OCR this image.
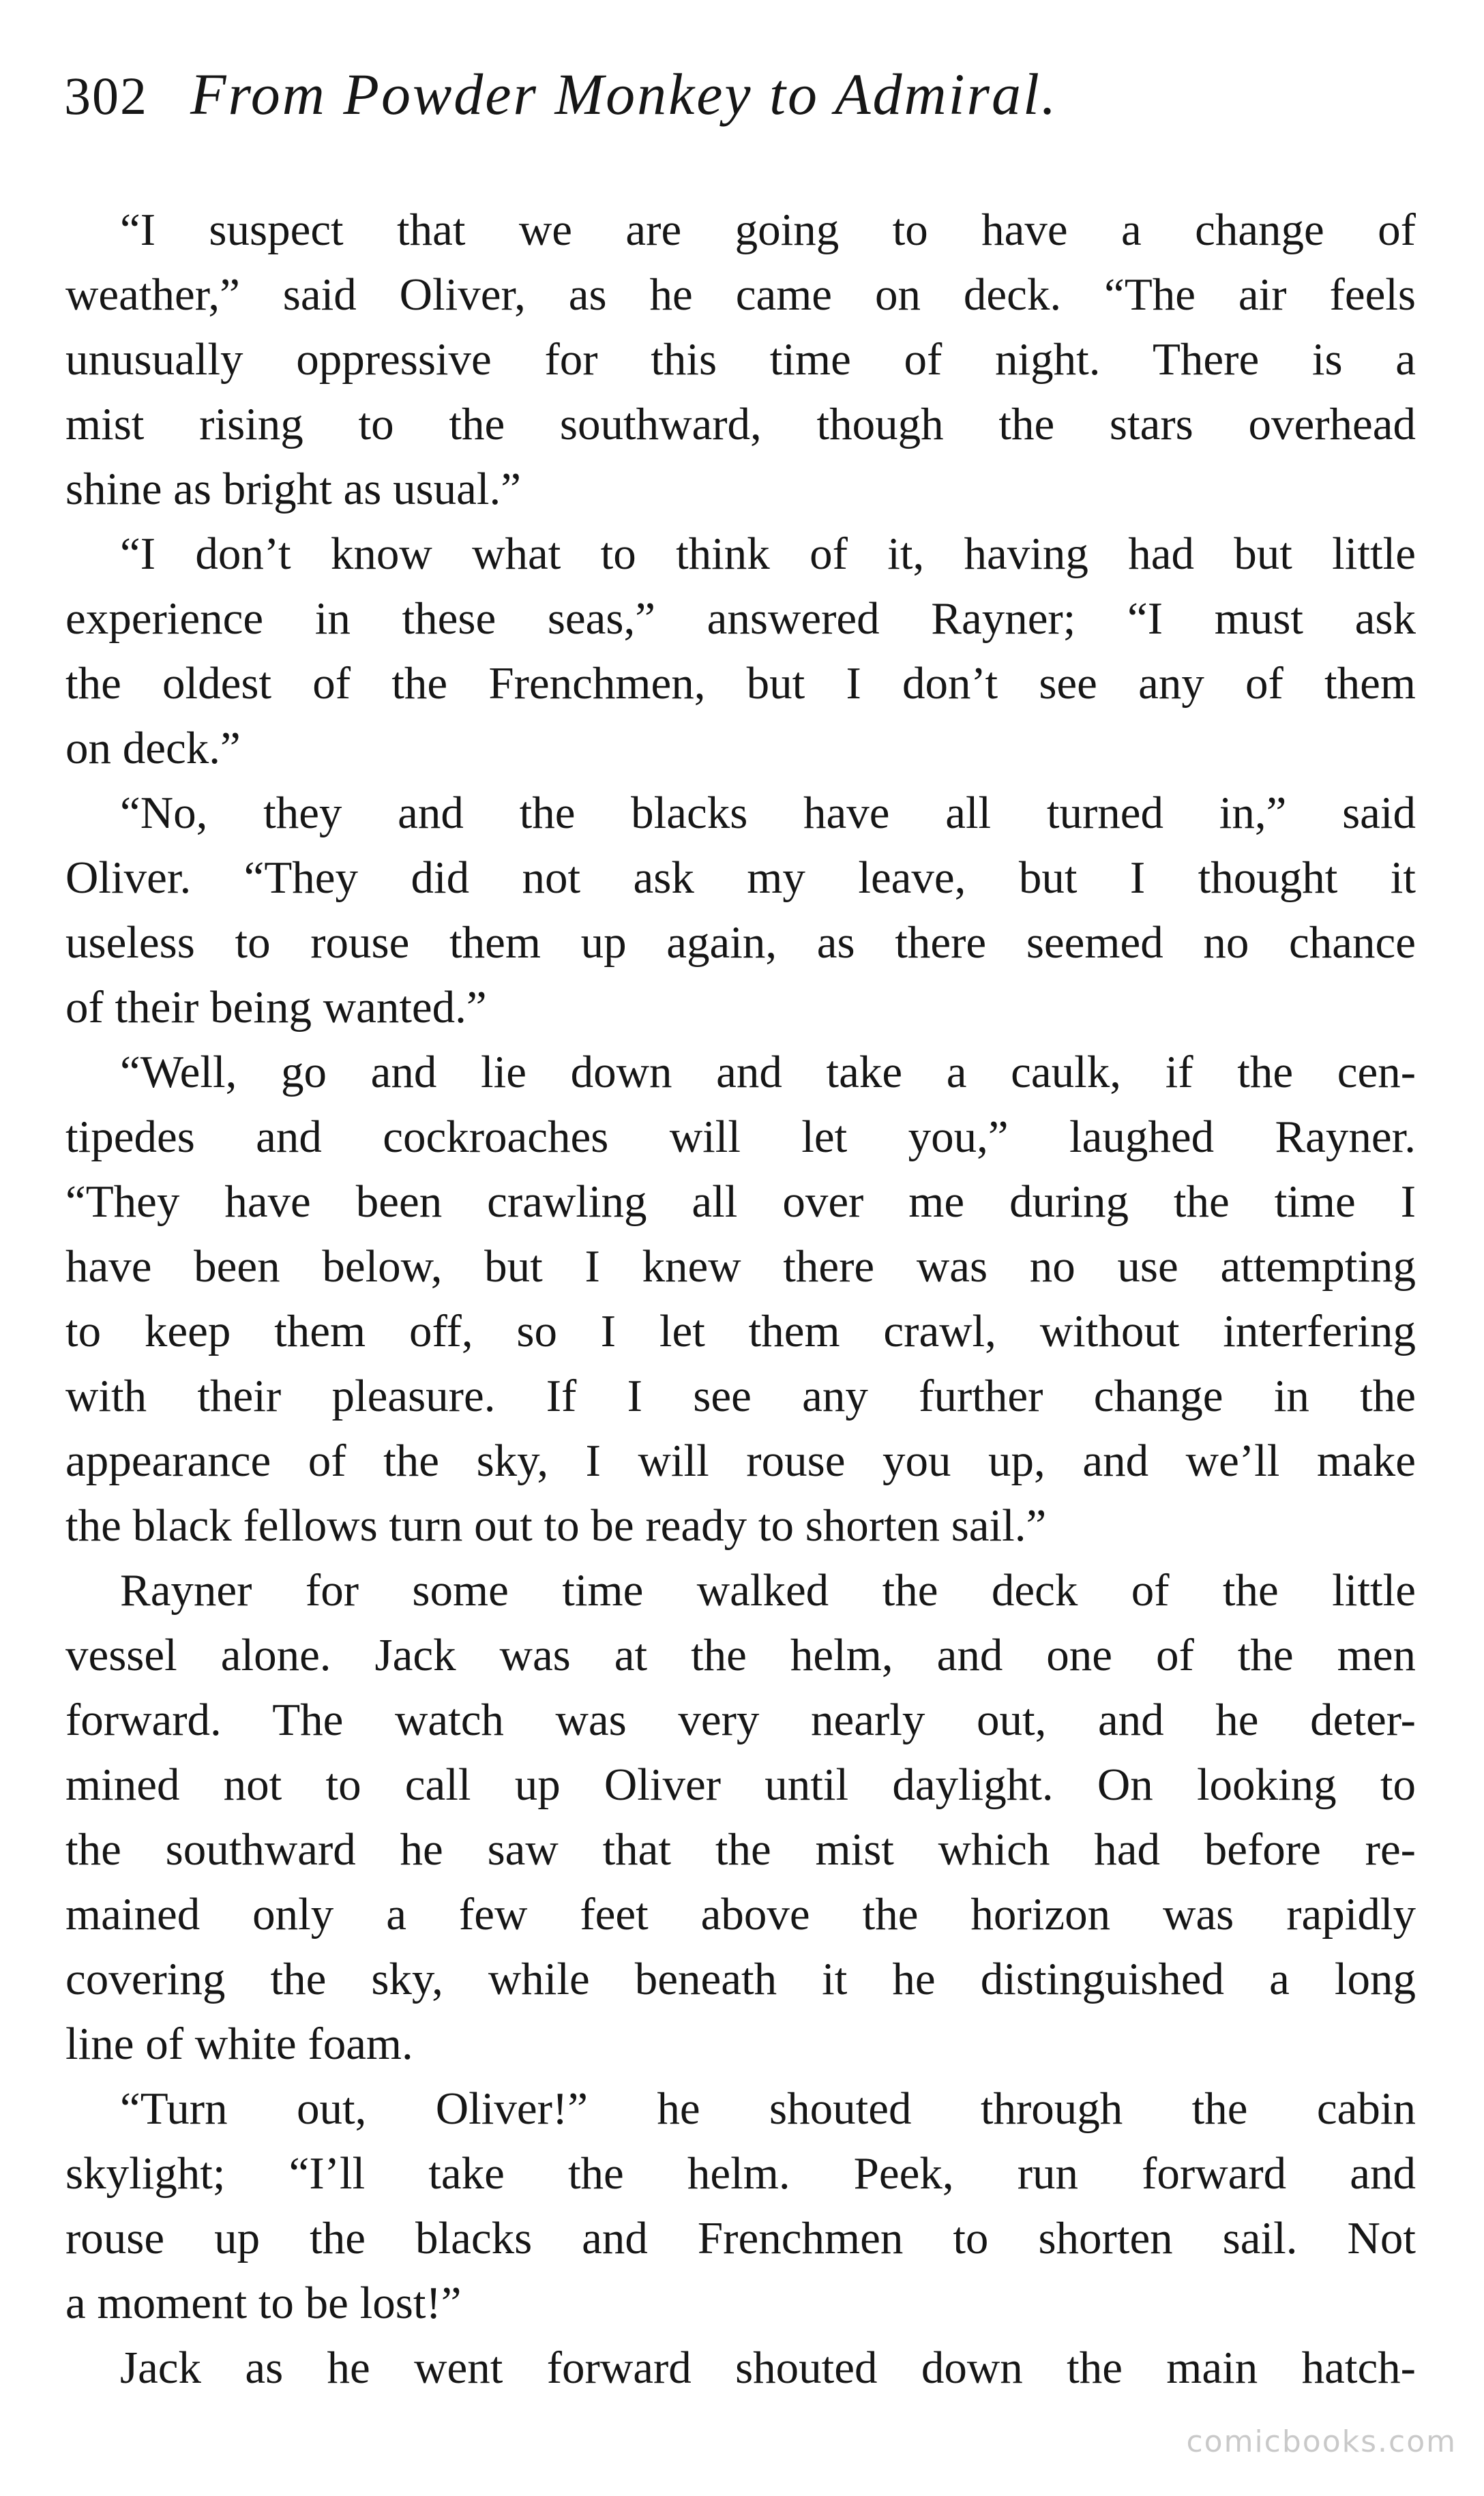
302 From Powder Monkey to Admiral.
“I suspect that we are going to have a change of
weather,” said Oliver, as he came on deck. “The air feels
unusually oppressive for this time of night. There is a
mist rising to the southward, though the stars overhead
shine as bright as usual.”
“I don’t know what to think of it, having had but little
experience in these seas,” answered Rayner; “I must ask
the oldest of the Frenchmen, but I don’t see any of them
on deck.”
“No, they and the blacks have all turned in,” said
Oliver. “They did not ask my leave, but I thought it
useless to rouse them up again, as there seemed no chance
of their being wanted.”
“Well, go and lie down and take a caulk, if the cen-
tipedes and cockroaches will let you,” laughed Rayner.
“They have been crawling all over me during the time I
have been below, but I knew there was no use attempting
to keep them off, so I let them crawl, without interfering
with their pleasure. If I see any further change in the
appearance of the sky, I will rouse you up, and we’ll make
the black fellows turn out to be ready to shorten sail.”
Rayner for some time walked the deck of the little
vessel alone. Jack was at the helm, and one of the men
forward. The watch was very nearly out, and he deter-
mined not to call up Oliver until daylight. On looking to
the southward he saw that the mist which had before re-
mained only a few feet above the horizon was rapidly
covering the sky, while beneath it he distinguished a long
line of white foam.
“Turn out, Oliver!” he shouted through the cabin
skylight; “I’ll take the helm. Peek, run forward and
rouse up the blacks and Frenchmen to shorten sail. Not
a moment to be lost!”
Jack as he went forward shouted down the main hatch-
comicbooks.com
